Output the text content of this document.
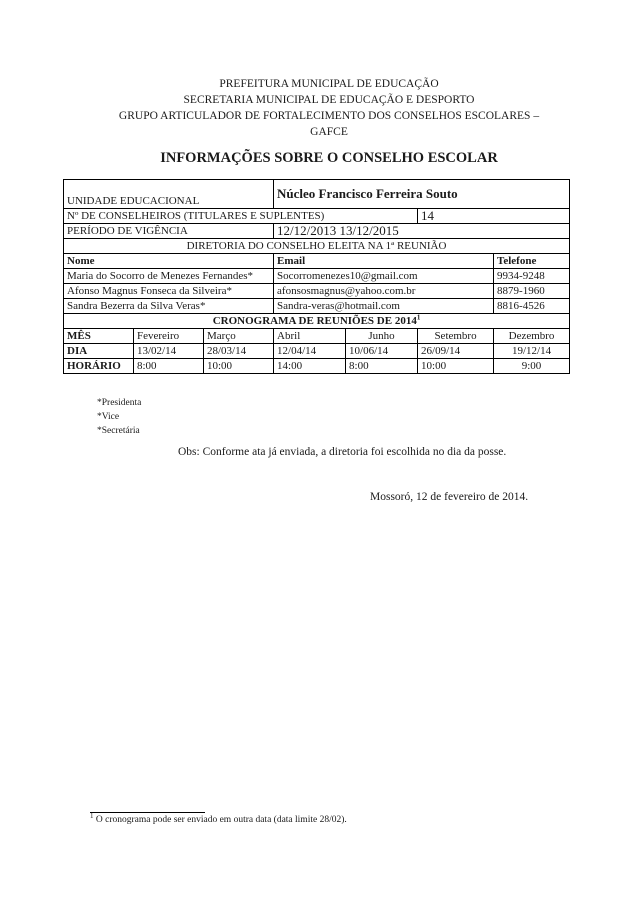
PREFEITURA MUNICIPAL DE EDUCAÇÃO
SECRETARIA MUNICIPAL DE EDUCAÇÃO E DESPORTO
GRUPO ARTICULADOR DE FORTALECIMENTO DOS CONSELHOS ESCOLARES –
GAFCE
INFORMAÇÕES SOBRE O CONSELHO ESCOLAR
UNIDADE EDUCACIONAL			Núcleo Francisco Ferreira Souto			
Nº DE CONSELHEIROS (TITULARES E SUPLENTES)					14	
PERÍODO DE VIGÊNCIA			12/12/2013 13/12/2015			
DIRETORIA DO CONSELHO ELEITA NA 1ª REUNIÃO						
Nome			Email			Telefone
Maria do Socorro de Menezes Fernandes*			Socorromenezes10@gmail.com			9934-9248
Afonso Magnus Fonseca da Silveira*			afonsosmagnus@yahoo.com.br			8879-1960
Sandra Bezerra da Silva Veras*			Sandra-veras@hotmail.com			8816-4526
CRONOGRAMA DE REUNIÕES DE 2014$^1$
MÊS	Fevereiro	Março	Abril	Junho	Setembro	Dezembro
DIA	13/02/14	28/03/14	12/04/14	10/06/14	26/09/14	19/12/14
HORÁRIO	8:00	10:00	14:00	8:00	10:00	9:00
*Presidenta
*Vice
*Secretária
Obs: Conforme ata já enviada, a diretoria foi escolhida no dia da posse.
Mossoró, 12 de fevereiro de 2014.
$^1$ O cronograma pode ser enviado em outra data (data limite 28/02).
